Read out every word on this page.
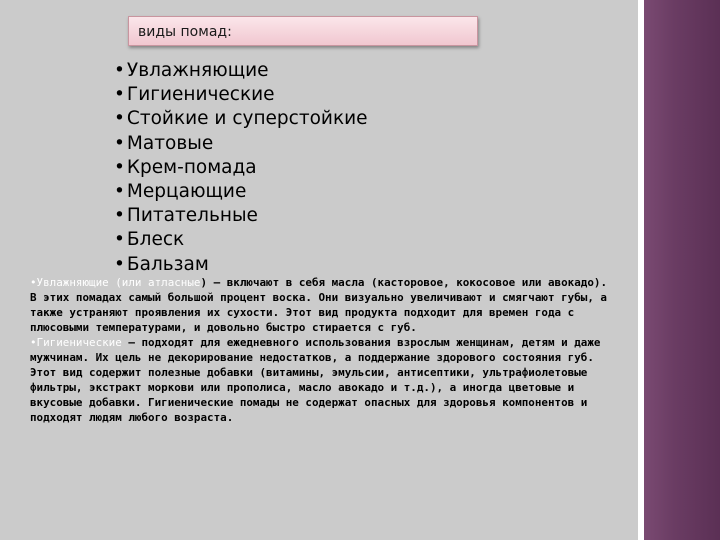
виды помад:
• Увлажняющие
• Гигиенические
• Стойкие и суперстойкие
• Матовые
• Крем-помада
• Мерцающие
• Питательные
• Блеск
• Бальзам

•Увлажняющие (или атласные) — включают в себя масла (касторовое, кокосовое или авокадо). В этих помадах самый большой процент воска. Они визуально увеличивают и смягчают губы, а также устраняют проявления их сухости. Этот вид продукта подходит для времен года с плюсовыми температурами, и довольно быстро стирается с губ.

•Гигиенические — подходят для ежедневного использования взрослым женщинам, детям и даже мужчинам. Их цель не декорирование недостатков, а поддержание здорового состояния губ. Этот вид содержит полезные добавки (витамины, эмульсии, антисептики, ультрафиолетовые фильтры, экстракт моркови или прополиса, масло авокадо и т.д.), а иногда цветовые и вкусовые добавки. Гигиенические помады не содержат опасных для здоровья компонентов и подходят людям любого возраста.
